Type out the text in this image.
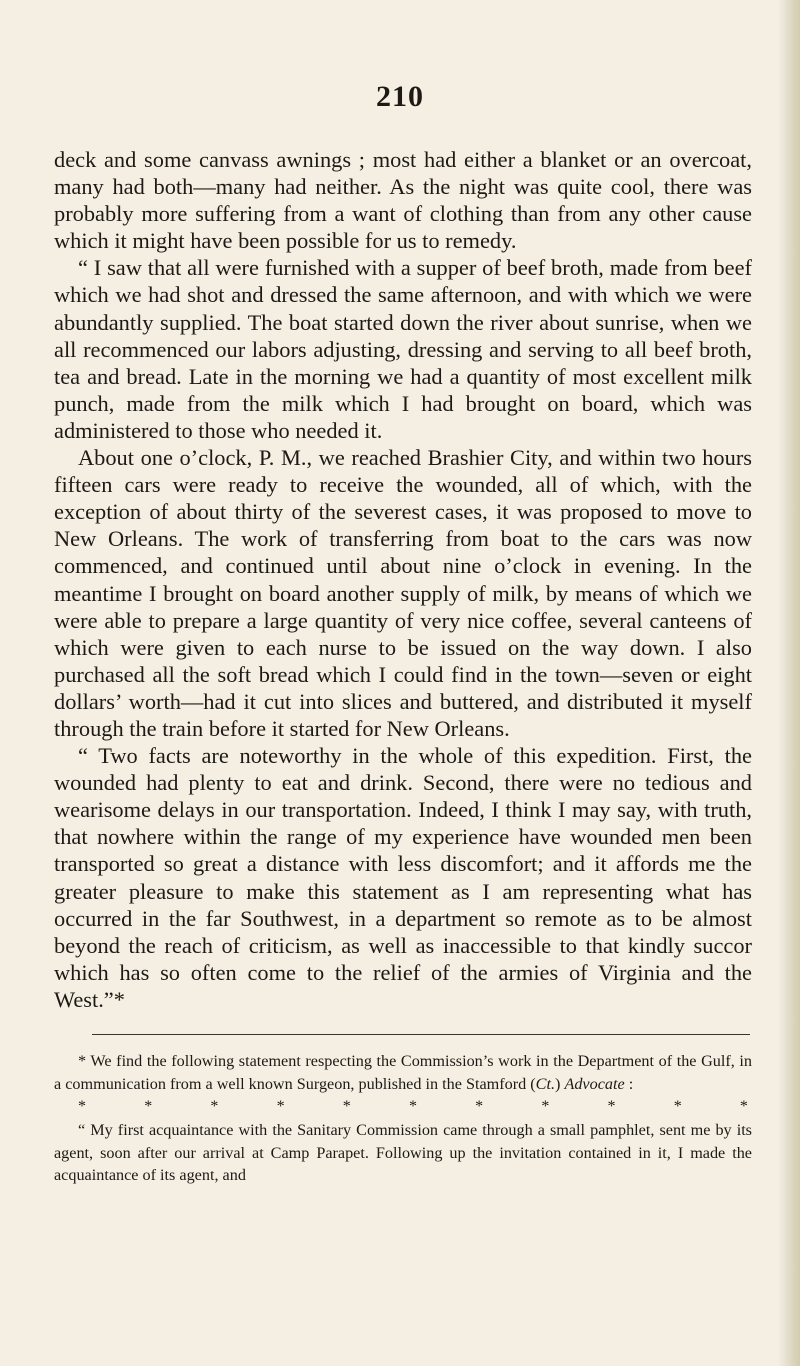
210

deck and some canvass awnings ; most had either a blanket or an overcoat, many had both—many had neither. As the night was quite cool, there was probably more suffering from a want of clothing than from any other cause which it might have been possible for us to remedy.

“ I saw that all were furnished with a supper of beef broth, made from beef which we had shot and dressed the same afternoon, and with which we were abundantly supplied. The boat started down the river about sunrise, when we all recommenced our labors adjusting, dressing and serving to all beef broth, tea and bread. Late in the morning we had a quantity of most excellent milk punch, made from the milk which I had brought on board, which was administered to those who needed it.

About one o’clock, P. M., we reached Brashier City, and within two hours fifteen cars were ready to receive the wounded, all of which, with the exception of about thirty of the severest cases, it was proposed to move to New Orleans. The work of transferring from boat to the cars was now commenced, and continued until about nine o’clock in evening. In the meantime I brought on board another supply of milk, by means of which we were able to prepare a large quantity of very nice coffee, several canteens of which were given to each nurse to be issued on the way down. I also purchased all the soft bread which I could find in the town—seven or eight dollars’ worth—had it cut into slices and buttered, and distributed it myself through the train before it started for New Orleans.

“ Two facts are noteworthy in the whole of this expedition. First, the wounded had plenty to eat and drink. Second, there were no tedious and wearisome delays in our transportation. Indeed, I think I may say, with truth, that nowhere within the range of my experience have wounded men been transported so great a distance with less discomfort; and it affords me the greater pleasure to make this statement as I am representing what has occurred in the far Southwest, in a department so remote as to be almost beyond the reach of criticism, as well as inaccessible to that kindly succor which has so often come to the relief of the armies of Virginia and the West.”*

* We find the following statement respecting the Commission’s work in the Department of the Gulf, in a communication from a well known Surgeon, published in the Stamford (Ct.) Advocate :

*	*	*	*	*	*	*	*	*	*	*

“ My first acquaintance with the Sanitary Commission came through a small pamphlet, sent me by its agent, soon after our arrival at Camp Parapet. Following up the invitation contained in it, I made the acquaintance of its agent, and
